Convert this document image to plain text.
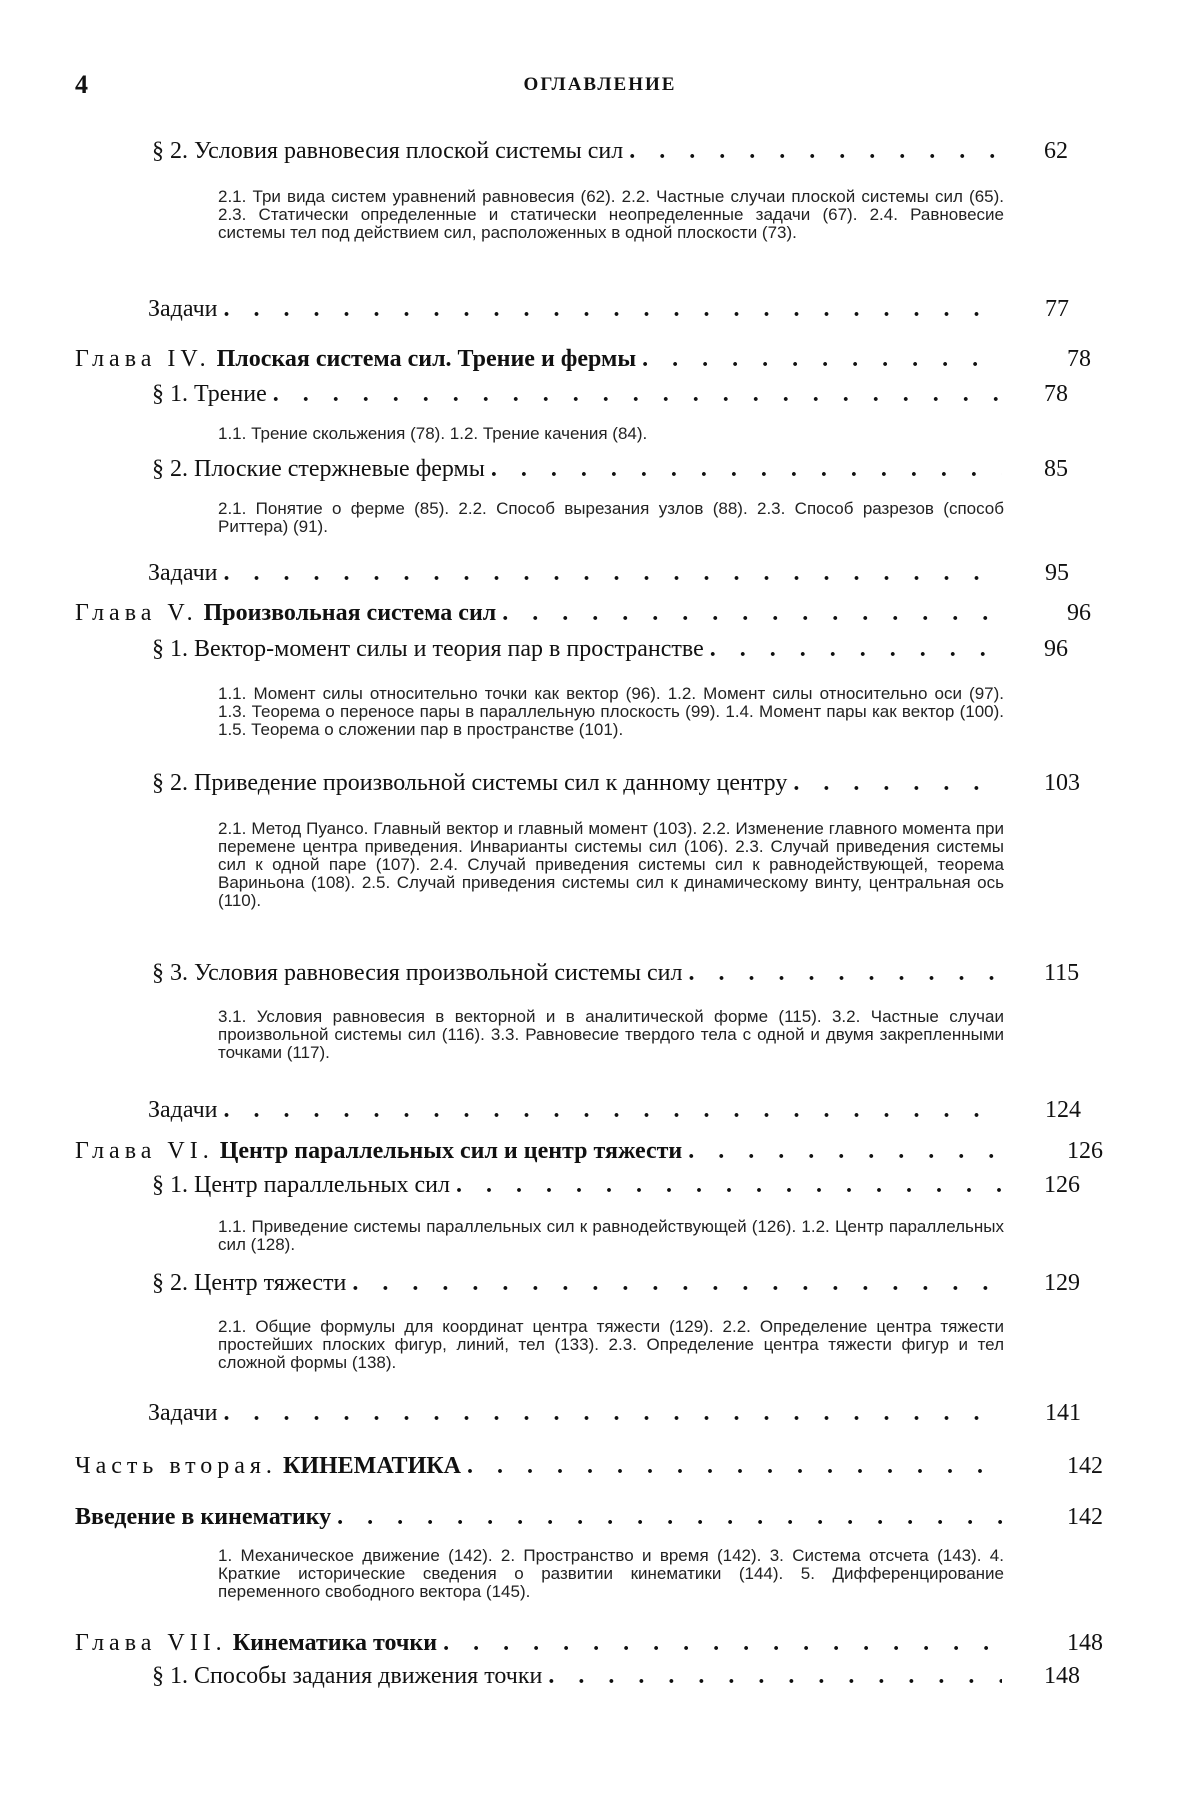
4	ОГЛАВЛЕНИЕ
§ 2. Условия равновесия плоской системы сил . . .	62
2.1. Три вида систем уравнений равновесия (62). 2.2. Частные случаи плоской системы сил (65). 2.3. Статически определенные и статически неопределенные задачи (67). 2.4. Равновесие системы тел под действием сил, расположенных в одной плоскости (73).
Задачи . . .	77
Глава IV. Плоская система сил. Трение и фермы . . .	78
§ 1. Трение . . .	78
1.1. Трение скольжения (78). 1.2. Трение качения (84).
§ 2. Плоские стержневые фермы . . .	85
2.1. Понятие о ферме (85). 2.2. Способ вырезания узлов (88). 2.3. Способ разрезов (способ Риттера) (91).
Задачи . . .	95
Глава V. Произвольная система сил . . .	96
§ 1. Вектор-момент силы и теория пар в пространстве . . .	96
1.1. Момент силы относительно точки как вектор (96). 1.2. Момент силы относительно оси (97). 1.3. Теорема о переносе пары в параллельную плоскость (99). 1.4. Момент пары как вектор (100). 1.5. Теорема о сложении пар в пространстве (101).
§ 2. Приведение произвольной системы сил к данному центру . . .	103
2.1. Метод Пуансо. Главный вектор и главный момент (103). 2.2. Изменение главного момента при перемене центра приведения. Инварианты системы сил (106). 2.3. Случай приведения системы сил к одной паре (107). 2.4. Случай приведения системы сил к равнодействующей, теорема Вариньона (108). 2.5. Случай приведения системы сил к динамическому винту, центральная ось (110).
§ 3. Условия равновесия произвольной системы сил . . .	115
3.1. Условия равновесия в векторной и в аналитической форме (115). 3.2. Частные случаи произвольной системы сил (116). 3.3. Равновесие твердого тела с одной и двумя закрепленными точками (117).
Задачи . . .	124
Глава VI. Центр параллельных сил и центр тяжести . . .	126
§ 1. Центр параллельных сил . . .	126
1.1. Приведение системы параллельных сил к равнодействующей (126). 1.2. Центр параллельных сил (128).
§ 2. Центр тяжести . . .	129
2.1. Общие формулы для координат центра тяжести (129). 2.2. Определение центра тяжести простейших плоских фигур, линий, тел (133). 2.3. Определение центра тяжести фигур и тел сложной формы (138).
Задачи . . .	141
Часть вторая. КИНЕМАТИКА . . .	142
Введение в кинематику . . .	142
1. Механическое движение (142). 2. Пространство и время (142). 3. Система отсчета (143). 4. Краткие исторические сведения о развитии кинематики (144). 5. Дифференцирование переменного свободного вектора (145).
Глава VII. Кинематика точки . . .	148
§ 1. Способы задания движения точки . . .	148
